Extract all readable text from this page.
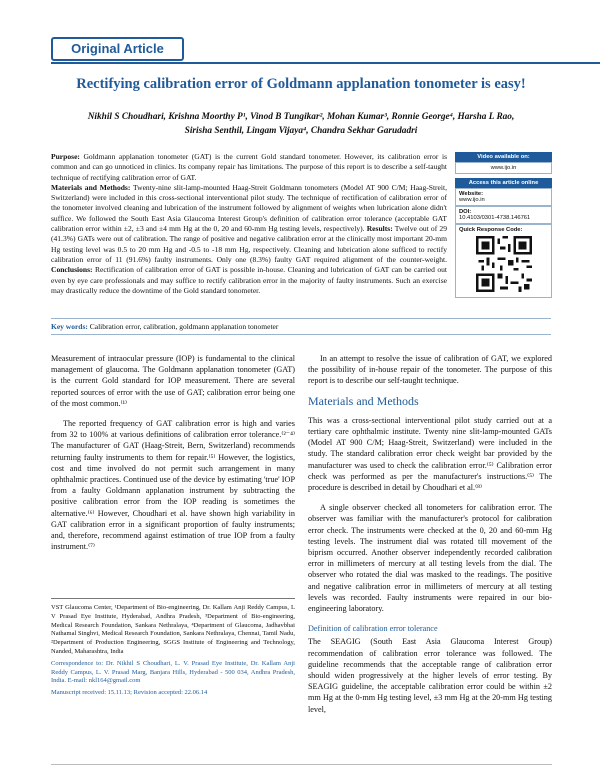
Original Article
Rectifying calibration error of Goldmann applanation tonometer is easy!
Nikhil S Choudhari, Krishna Moorthy P¹, Vinod B Tungikar², Mohan Kumar³, Ronnie George⁴, Harsha L Rao,
Sirisha Senthil, Lingam Vijaya⁴, Chandra Sekhar Garudadri
Purpose: Goldmann applanation tonometer (GAT) is the current Gold standard tonometer. However, its calibration error is common and can go unnoticed in clinics. Its company repair has limitations. The purpose of this report is to describe a self-taught technique of rectifying calibration error of GAT.
Materials and Methods: Twenty-nine slit-lamp-mounted Haag-Streit Goldmann tonometers (Model AT 900 C/M; Haag-Streit, Switzerland) were included in this cross-sectional interventional pilot study. The technique of rectification of calibration error of the tonometer involved cleaning and lubrication of the instrument followed by alignment of weights when lubrication alone didn't suffice. We followed the South East Asia Glaucoma Interest Group's definition of calibration error tolerance (acceptable GAT calibration error within ±2, ±3 and ±4 mm Hg at the 0, 20 and 60-mm Hg testing levels, respectively). Results: Twelve out of 29 (41.3%) GATs were out of calibration. The range of positive and negative calibration error at the clinically most important 20-mm Hg testing level was 0.5 to 20 mm Hg and -0.5 to -18 mm Hg, respectively. Cleaning and lubrication alone sufficed to rectify calibration error of 11 (91.6%) faulty instruments. Only one (8.3%) faulty GAT required alignment of the counter-weight. Conclusions: Rectification of calibration error of GAT is possible in-house. Cleaning and lubrication of GAT can be carried out even by eye care professionals and may suffice to rectify calibration error in the majority of faulty instruments. Such an exercise may drastically reduce the downtime of the Gold standard tonometer.
Video available on:
www.ijo.in
Access this article online
Website:
www.ijo.in
DOI:
10.4103/0301-4738.146761
Quick Response Code:
Key words: Calibration error, calibration, goldmann applanation tonometer

Measurement of intraocular pressure (IOP) is fundamental to the clinical management of glaucoma. The Goldmann applanation tonometer (GAT) is the current Gold standard for IOP measurement. There are several reported sources of error with the use of GAT; calibration error being one of the most common.⁽¹⁾

The reported frequency of GAT calibration error is high and varies from 32 to 100% at various definitions of calibration error tolerance.⁽²⁻⁴⁾ The manufacturer of GAT (Haag-Streit, Bern, Switzerland) recommends returning faulty instruments to them for repair.⁽⁵⁾ However, the logistics, cost and time involved do not permit such arrangement in many ophthalmic practices. Continued use of the device by estimating 'true' IOP from a faulty Goldmann applanation instrument by subtracting the positive calibration error from the IOP reading is sometimes the alternative.⁽⁶⁾ However, Choudhari et al. have shown high variability in GAT calibration error in a significant proportion of faulty instruments; and, therefore, recommend against estimation of true IOP from a faulty instrument.⁽⁷⁾

VST Glaucoma Center, ¹Department of Bio-engineering, Dr. Kallam Anji Reddy Campus, L V Prasad Eye Institute, Hyderabad, Andhra Pradesh, ³Department of Bio-engineering, Medical Research Foundation, Sankara Nethralaya, ⁴Department of Glaucoma, Jadhavbhai Nathamal Singhvi, Medical Research Foundation, Sankara Nethralaya, Chennai, Tamil Nadu, ²Department of Production Engineering, SGGS Institute of Engineering and Technology, Nanded, Maharashtra, India
Correspondence to: Dr. Nikhil S Choudhari, L. V. Prasad Eye Institute, Dr. Kallam Anji Reddy Campus, L. V. Prasad Marg, Banjara Hills, Hyderabad - 500 034, Andhra Pradesh, India. E-mail: nkl164@gmail.com
Manuscript received: 15.11.13; Revision accepted: 22.06.14

In an attempt to resolve the issue of calibration of GAT, we explored the possibility of in-house repair of the tonometer. The purpose of this report is to describe our self-taught technique.

Materials and Methods

This was a cross-sectional interventional pilot study carried out at a tertiary care ophthalmic institute. Twenty nine slit-lamp-mounted GATs (Model AT 900 C/M; Haag-Streit, Switzerland) were included in the study. The standard calibration error check weight bar provided by the manufacturer was used to check the calibration error.⁽⁵⁾ Calibration error check was performed as per the manufacturer's instructions.⁽⁵⁾ The procedure is described in detail by Choudhari et al.⁽⁸⁾

A single observer checked all tonometers for calibration error. The observer was familiar with the manufacturer's protocol for calibration error check. The instruments were checked at the 0, 20 and 60-mm Hg testing levels. The instrument dial was rotated till movement of the biprism occurred. Another observer independently recorded calibration error in millimeters of mercury at all testing levels from the dial. The observer who rotated the dial was masked to the readings. The positive and negative calibration error in millimeters of mercury at all testing levels was recorded. Faulty instruments were repaired in our bio-engineering laboratory.

Definition of calibration error tolerance

The SEAGIG (South East Asia Glaucoma Interest Group) recommendation of calibration error tolerance was followed. The guideline recommends that the acceptable range of calibration error should widen progressively at the higher levels of error testing. By SEAGIG guideline, the acceptable calibration error could be within ±2 mm Hg at the 0-mm Hg testing level, ±3 mm Hg at the 20-mm Hg testing level,
